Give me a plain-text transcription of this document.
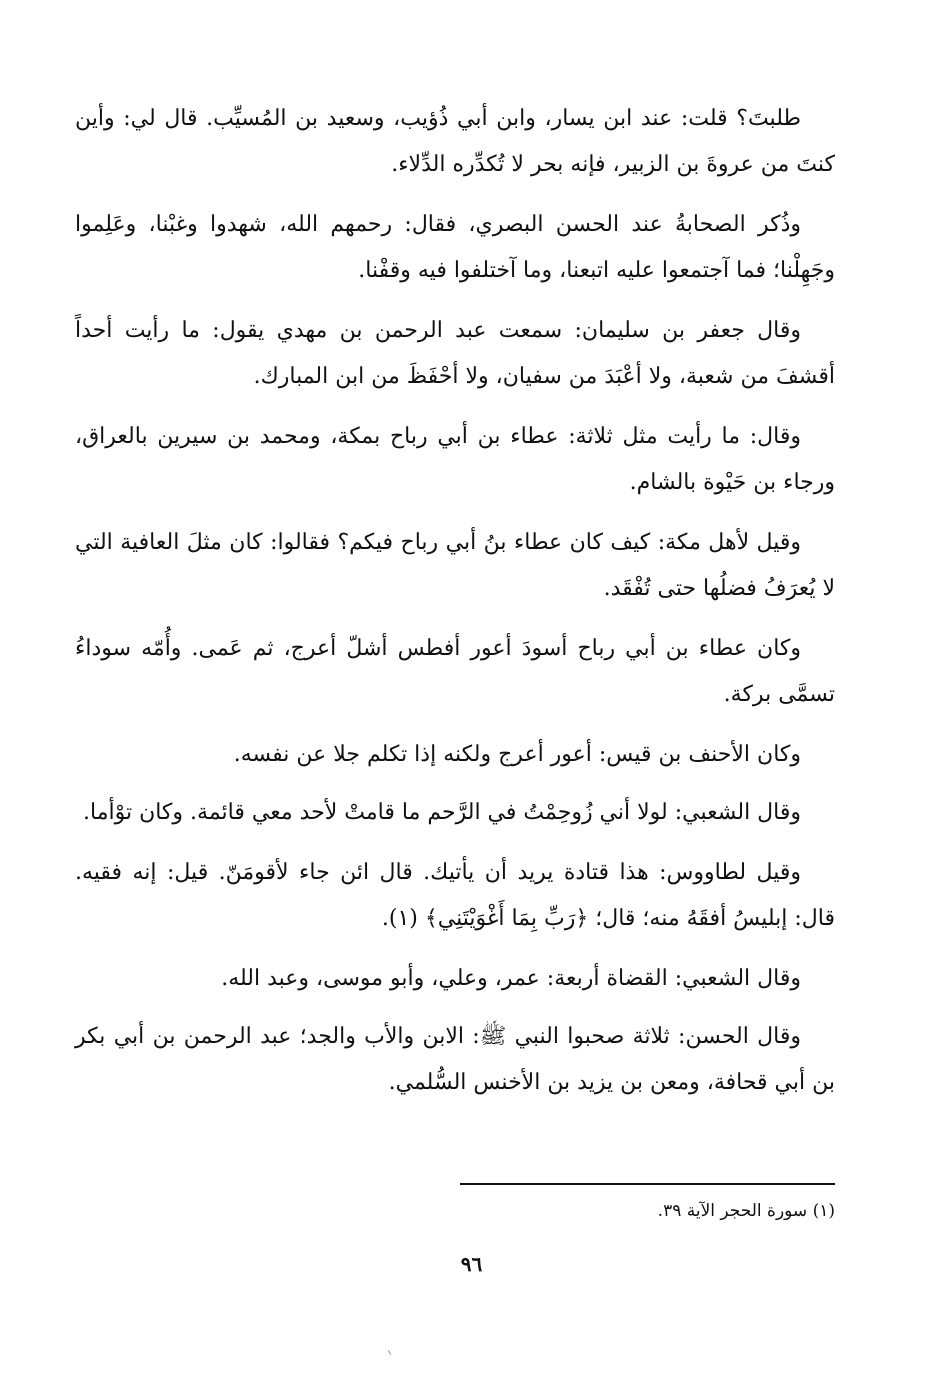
طلبتَ؟ قلت: عند ابن يسار، وابن أبي ذُؤيب، وسعيد بن المُسيِّب. قال لي: وأين كنتَ من عروةَ بن الزبير، فإنه بحر لا تُكدِّره الدِّلاء.

وذُكر الصحابةُ عند الحسن البصري، فقال: رحمهم الله، شهدوا وغبْنا، وعَلِموا وجَهِلْنا؛ فما آجتمعوا عليه اتبعنا، وما آختلفوا فيه وقفْنا.

وقال جعفر بن سليمان: سمعت عبد الرحمن بن مهدي يقول: ما رأيت أحداً أقشفَ من شعبة، ولا أعْبَدَ من سفيان، ولا أحْفَظَ من ابن المبارك.

وقال: ما رأيت مثل ثلاثة: عطاء بن أبي رباح بمكة، ومحمد بن سيرين بالعراق، ورجاء بن حَيْوة بالشام.

وقيل لأهل مكة: كيف كان عطاء بنُ أبي رباح فيكم؟ فقالوا: كان مثلَ العافية التي لا يُعرَفُ فضلُها حتى تُفْقَد.

وكان عطاء بن أبي رباح أسودَ أعور أفطس أشلّ أعرج، ثم عَمى. وأُمّه سوداءُ تسمَّى بركة.

وكان الأحنف بن قيس: أعور أعرج ولكنه إذا تكلم جلا عن نفسه.

وقال الشعبي: لولا أني زُوحِمْتُ في الرَّحم ما قامتْ لأحد معي قائمة. وكان توْأما.

وقيل لطاووس: هذا قتادة يريد أن يأتيك. قال ائن جاء لأقومَنّ. قيل: إنه فقيه. قال: إبليسُ أفقَهُ منه؛ قال؛ ﴿رَبِّ بِمَا أَغْوَيْتَنِي﴾ (١).

وقال الشعبي: القضاة أربعة: عمر، وعلي، وأبو موسى، وعبد الله.

وقال الحسن: ثلاثة صحبوا النبي ﷺ: الابن والأب والجد؛ عبد الرحمن بن أبي بكر بن أبي قحافة، ومعن بن يزيد بن الأخنس السُّلمي.

(١) سورة الحجر الآية ٣٩.
٩٦
